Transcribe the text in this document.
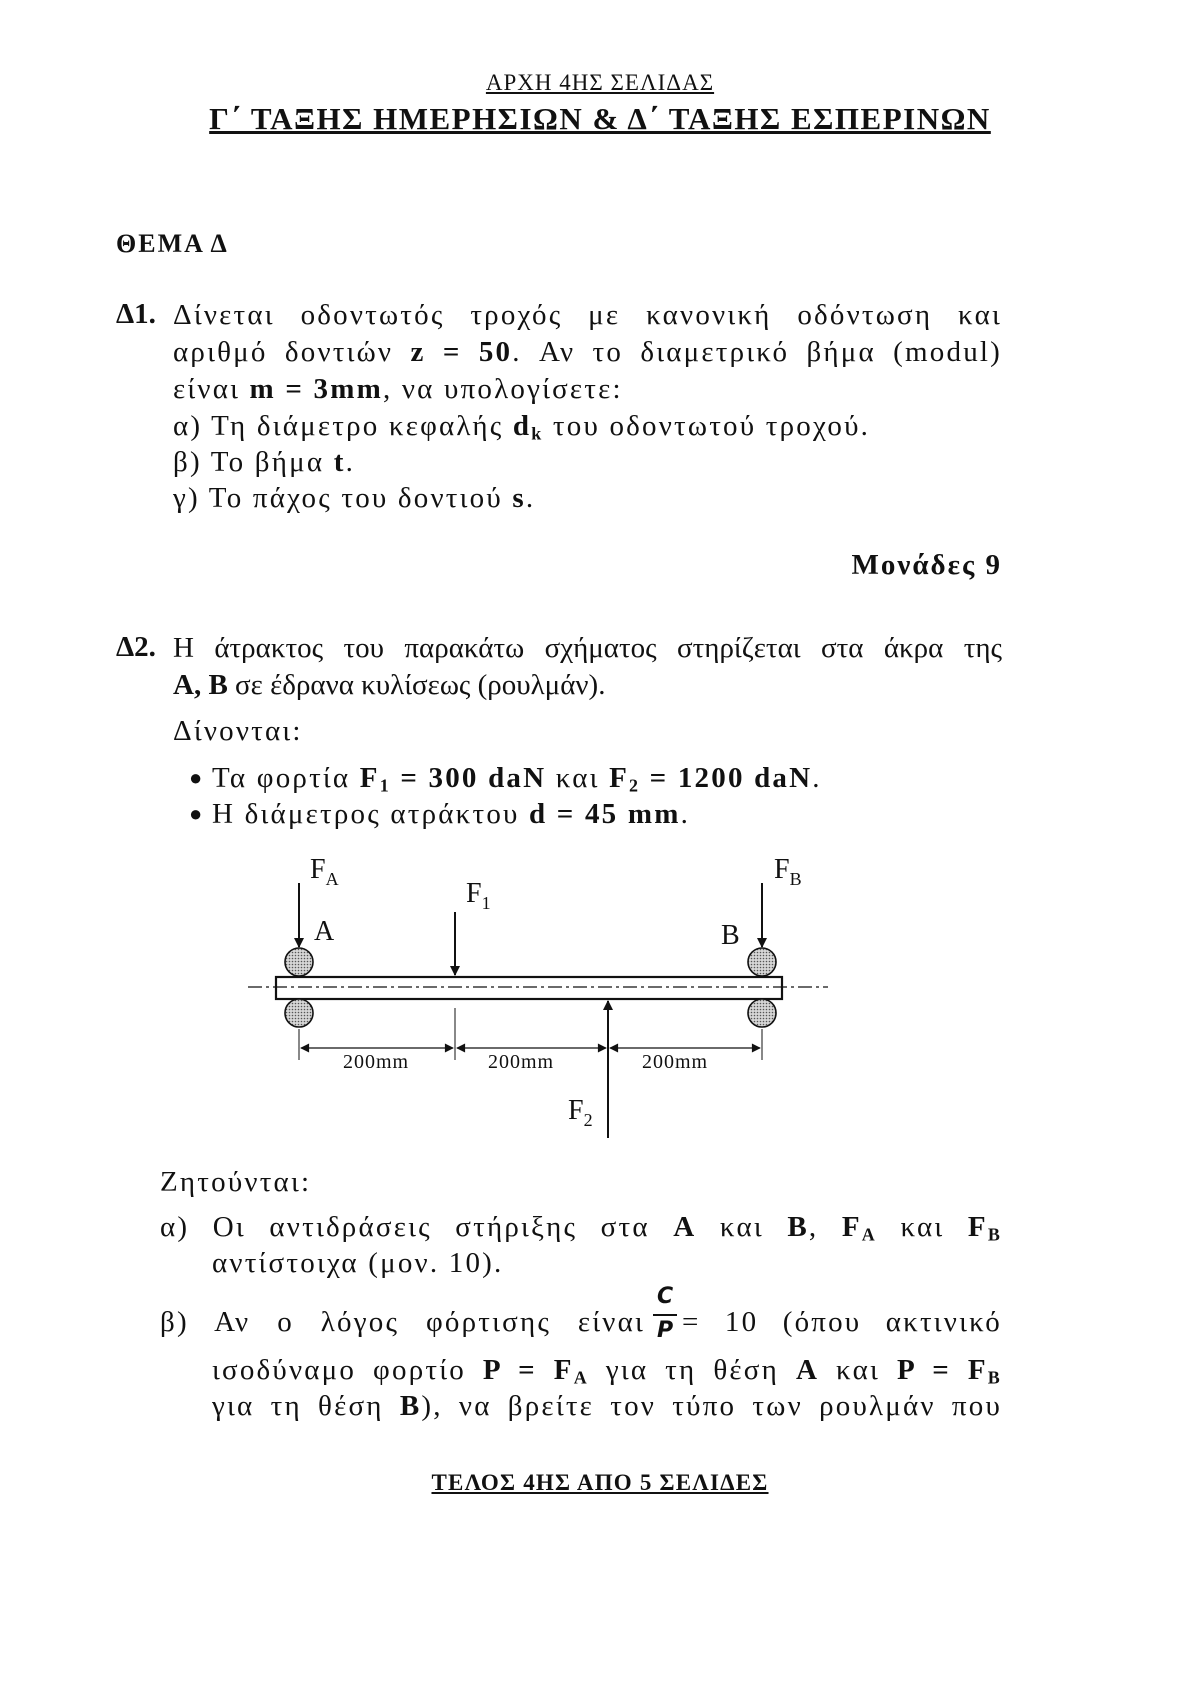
ΑΡΧΗ 4ΗΣ ΣΕΛΙΔΑΣ
Γ΄ ΤΑΞΗΣ ΗΜΕΡΗΣΙΩΝ & Δ΄ ΤΑΞΗΣ ΕΣΠΕΡΙΝΩΝ
ΘΕΜΑ Δ
Δ1. Δίνεται οδοντωτός τροχός με κανονική οδόντωση και
αριθμό δοντιών z = 50. Αν το διαμετρικό βήμα (modul)
είναι m = 3mm, να υπολογίσετε:
α) Τη διάμετρο κεφαλής $d_k$ του οδοντωτού τροχού.
β) Το βήμα t.
γ) Το πάχος του δοντιού s.
Μονάδες 9
Δ2. Η άτρακτος του παρακάτω σχήματος στηρίζεται στα άκρα της
A, B σε έδρανα κυλίσεως (ρουλμάν).
Δίνονται:
● Τα φορτία $F_1 = 300$ daN και $F_2 = 1200$ daN.
● Η διάμετρος ατράκτου d = 45 mm.
$F_A$	$F_B$
$F_1$
$F_2$
A	B
200mm	200mm	200mm
Ζητούνται:
α) Οι αντιδράσεις στήριξης στα A και B, $F_A$ και $F_B$
αντίστοιχα (μον. 10).
β) Αν ο λόγος φόρτισης είναι
C
P = 10 (όπου ακτινικό
ισοδύναμο φορτίο $P = F_A$ για τη θέση A και $P = F_B$
για τη θέση B), να βρείτε τον τύπο των ρουλμάν που
ΤΕΛΟΣ 4ΗΣ ΑΠΟ 5 ΣΕΛΙΔΕΣ
